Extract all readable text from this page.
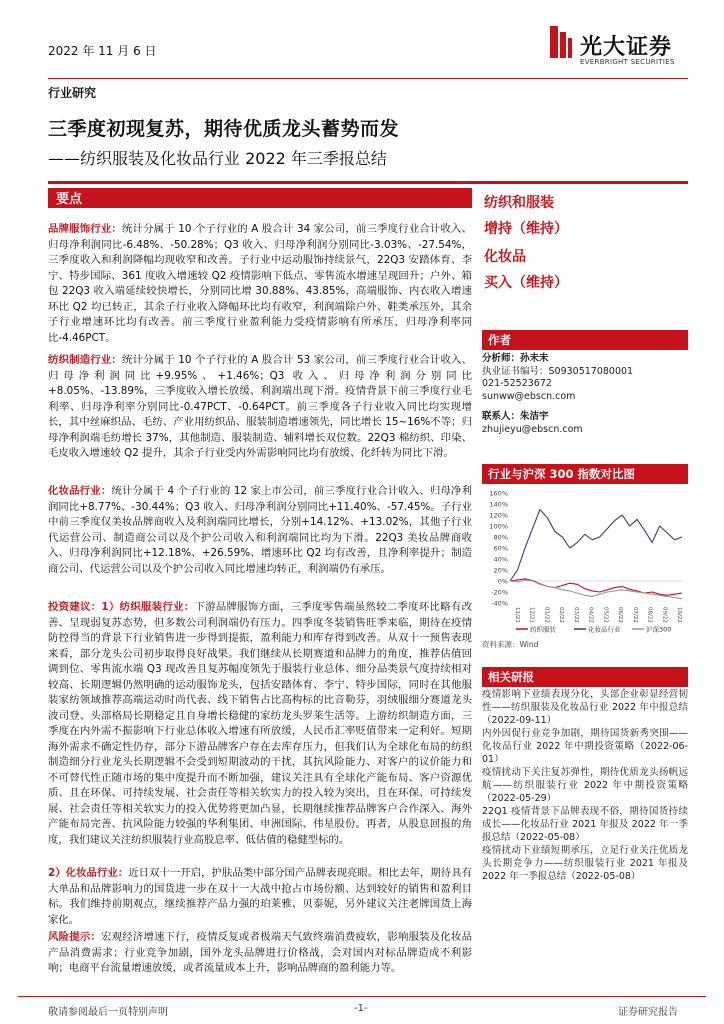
2022 年 11 月 6 日	光大证券
EVERBRIGHT SECURITIES
行业研究
三季度初现复苏，期待优质龙头蓄势而发
——纺织服装及化妆品行业 2022 年三季报总结
要点

品牌服饰行业：统计分属于 10 个子行业的 A 股合计 34 家公司，前三季度行业合计收入、归母净利润同比-6.48%、-50.28%；Q3 收入、归母净利润分别同比-3.03%、-27.54%，三季度收入和利润降幅均现收窄和改善。子行业中运动服饰持续景气，22Q3 安踏体育、李宁、特步国际、361 度收入增速较 Q2 疫情影响下低点、零售流水增速呈现回升；户外、箱包 22Q3 收入端延续较快增长，分别同比增 30.88%、43.85%，高端服饰、内衣收入增速环比 Q2 均已转正，其余子行业收入降幅环比均有收窄，利润端除户外、鞋类承压外，其余子行业增速环比均有改善。前三季度行业盈利能力受疫情影响有所承压，归母净利率同比-4.46PCT。

纺织制造行业：统计分属于 10 个子行业的 A 股合计 53 家公司，前三季度行业合计收入、归母净利润同比+9.95%、+1.46%；Q3 收入、归母净利润分别同比+8.05%、-13.89%，三季度收入增长放缓、利润端出现下滑。疫情背景下前三季度行业毛利率、归母净利率分别同比-0.47PCT、-0.64PCT。前三季度各子行业收入同比均实现增长，其中丝麻织品、毛纺、产业用纺织品、服装制造增速领先，同比增长 15~16%不等；归母净利润端毛纺增长 37%，其他制造、服装制造、辅料增长双位数。22Q3 棉纺织、印染、毛皮收入增速较 Q2 提升，其余子行业受内外需影响同比均有放缓、化纤转为同比下滑。

化妆品行业：统计分属于 4 个子行业的 12 家上市公司，前三季度行业合计收入、归母净利润同比+8.77%、-30.44%；Q3 收入、归母净利润分别同比+11.40%、-57.45%。子行业中前三季度仅美妆品牌商收入及利润端同比增长，分别+14.12%、+13.02%，其他子行业代运营公司、制造商公司以及个护公司收入和利润端同比均为下滑。22Q3 美妆品牌商收入、归母净利润同比+12.18%、+26.59%、增速环比 Q2 均有改善，且净利率提升；制造商公司、代运营公司以及个护公司收入同比增速均转正，利润端仍有承压。

投资建议：1）纺织服装行业：下游品牌服饰方面，三季度零售端虽然较二季度环比略有改善、呈现弱复苏态势，但多数公司利润端仍有压力。四季度冬装销售旺季来临，期待在疫情防控得当的背景下行业销售进一步得到提振，盈利能力和库存得到改善。从双十一预售表现来看，部分龙头公司初步取得良好战果。我们继续从长期赛道和品牌力的角度，推荐估值回调到位、零售流水端 Q3 现改善且复苏幅度领先于服装行业总体、细分品类景气度持续相对较高、长期逻辑仍然明确的运动服饰龙头，包括安踏体育、李宁、特步国际，同时在其他服装家纺领域推荐高端运动时尚代表、线下销售占比高构标的比音勒芬，羽绒服细分赛道龙头波司登、头部格局长期稳定且自身增长稳健的家纺龙头罗莱生活等。上游纺织制造方面，三季度在内外需不振影响下行业总体收入增速有所放缓，人民币汇率贬值带来一定利好。短期海外需求不确定性仍存，部分下游品牌客户存在去库存压力，但我们认为全球化布局的纺织制造细分行业龙头长期逻辑不会受到短期波动的干扰，其抗风险能力、对客户的议价能力和不可替代性正随市场的集中度提升而不断加强，建议关注具有全球化产能布局、客户资源优质、且在环保、可持续发展、社会责任等相关软实力的投入较为突出，且在环保、可持续发展、社会责任等相关软实力的投入优势将更加凸显，长期继续推荐品牌客户合作深入、海外产能布局完善、抗风险能力较强的华利集团、申洲国际、伟星股份。再者，从股息回报的角度，我们建议关注纺织服装行业高股息率、低估值的稳健型标的。

2）化妆品行业：近日双十一开启，护肤品类中部分国产品牌表现亮眼。相比去年，期待具有大单品和品牌影响力的国货进一步在双十一大战中抢占市场份额、达到较好的销售和盈利目标。我们维持前期观点，继续推荐产品力强的珀莱雅、贝泰妮，另外建议关注老牌国货上海家化。

风险提示：宏观经济增速下行，疫情反复或者极端天气致终端消费疲软，影响服装及化妆品产品消费需求；行业竞争加剧，国外龙头品牌进行价格战，会对国内对标品牌造成不利影响；电商平台流量增速放缓，或者流量成本上升，影响品牌商的盈利能力等。

纺织和服装
增持（维持）
化妆品
买入（维持）
作者
分析师：孙未未
执业证书编号：S0930517080001
021-52523672
sunww@ebscn.com
联系人：朱洁宇
zhujieyu@ebscn.com
行业与沪深 300 指数对比图
160%
140%
120%
100%
80%
60%
40%
20%
0%
-20%
-40%
11/21 12/21 01/22 02/22 03/22 04/22 05/22 06/22 07/22 08/22 09/22 10/22
纺织服装	化妆品行业	沪深300
资料来源：Wind
相关研报

疫情影响下业绩表现分化，头部企业彰显经营韧性——纺织服装及化妆品行业 2022 年中报总结（2022-09-11）

内外因促行业竞争加剧，期待国货新秀突围——化妆品行业 2022 年中期投资策略（2022-06-01）

疫情扰动下关注复苏弹性，期待优质龙头扬帆远航——纺织服装行业 2022 年中期投资策略（2022-05-29）

22Q1 疫情背景下品牌表现不俗，期待国货持续成长——化妆品行业 2021 年报及 2022 年一季报总结（2022-05-08）

疫情扰动下业绩短期承压，立足行业关注优质龙头长期竞争力——纺织服装行业 2021 年报及 2022 年一季报总结（2022-05-08）

敬请参阅最后一页特别声明	-1-	证券研究报告
